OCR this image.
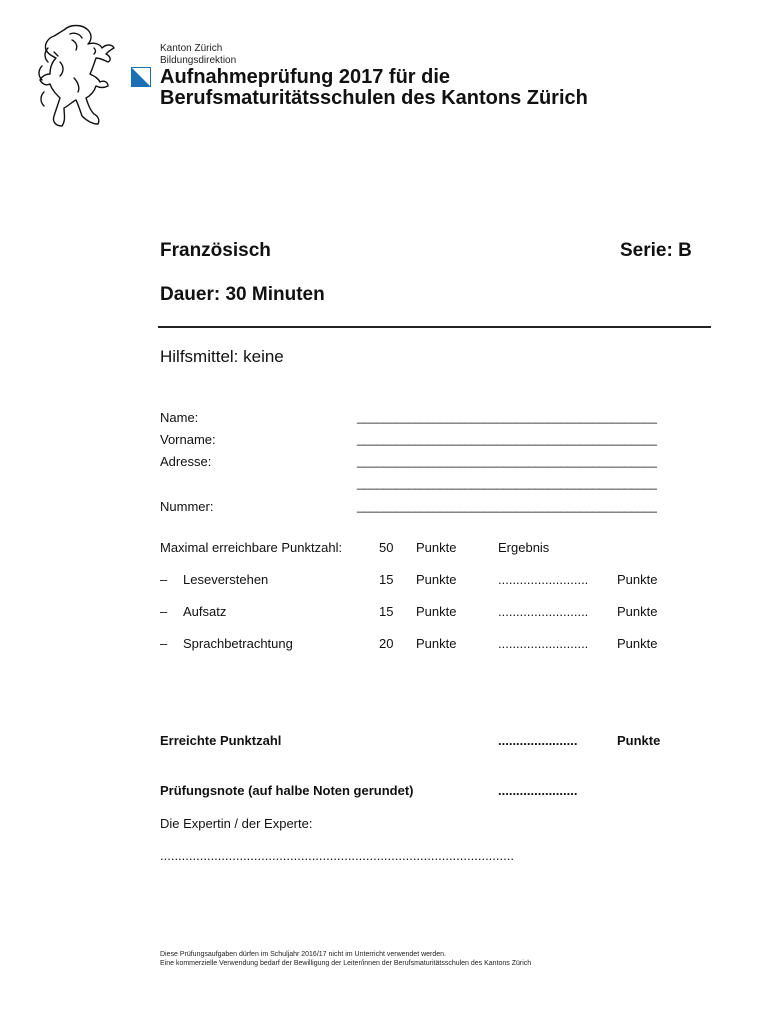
Kanton Zürich
Bildungsdirektion
Aufnahmeprüfung 2017 für die
Berufsmaturitätsschulen des Kantons Zürich
Französisch	Serie: B
Dauer: 30 Minuten
Hilfsmittel: keine
Name:	_______________________________________________
Vorname:	_______________________________________________
Adresse:	_______________________________________________
_______________________________________________
Nummer:	_______________________________________________
Maximal erreichbare Punktzahl:	50 Punkte	Ergebnis
– Leseverstehen	15 Punkte	......................... Punkte
– Aufsatz	15 Punkte	......................... Punkte
– Sprachbetrachtung	20 Punkte	......................... Punkte
Erreichte Punktzahl	......................	Punkte
Prüfungsnote (auf halbe Noten gerundet)	......................
Die Expertin / der Experte:
..................................................................................................
Diese Prüfungsaufgaben dürfen im Schuljahr 2016/17 nicht im Unterricht verwendet werden.
Eine kommerzielle Verwendung bedarf der Bewilligung der Leiter/innen der Berufsmaturitätsschulen des Kantons Zürich
